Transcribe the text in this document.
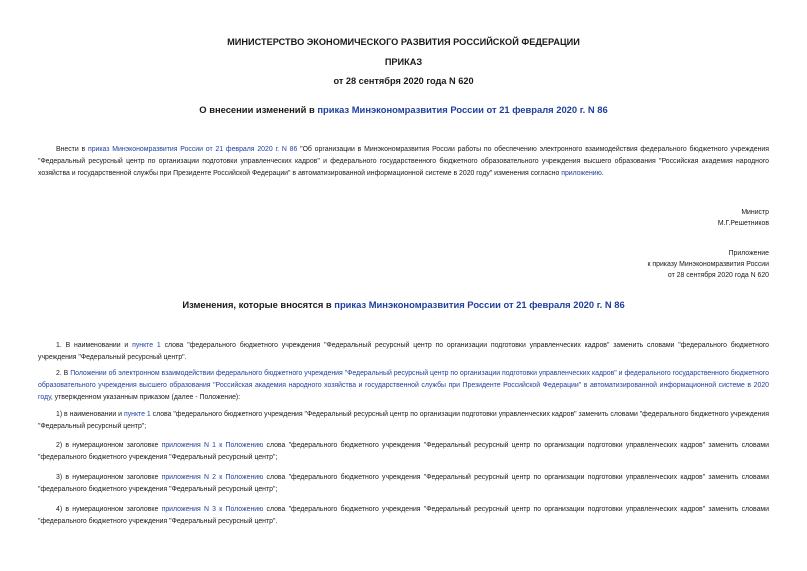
МИНИСТЕРСТВО ЭКОНОМИЧЕСКОГО РАЗВИТИЯ РОССИЙСКОЙ ФЕДЕРАЦИИ
ПРИКАЗ
от 28 сентября 2020 года N 620
О внесении изменений в приказ Минэкономразвития России от 21 февраля 2020 г. N 86

Внести в приказ Минэкономразвития России от 21 февраля 2020 г. N 86 "Об организации в Минэкономразвития России работы по обеспечению электронного взаимодействия федерального бюджетного учреждения "Федеральный ресурсный центр по организации подготовки управленческих кадров" и федерального государственного бюджетного образовательного учреждения высшего образования "Российская академия народного хозяйства и государственной службы при Президенте Российской Федерации" в автоматизированной информационной системе в 2020 году" изменения согласно приложению.

Министр
М.Г.Решетников
Приложение
к приказу Минэкономразвития России
от 28 сентября 2020 года N 620
Изменения, которые вносятся в приказ Минэкономразвития России от 21 февраля 2020 г. N 86

1. В наименовании и пункте 1 слова "федерального бюджетного учреждения "Федеральный ресурсный центр по организации подготовки управленческих кадров" заменить словами "федерального бюджетного учреждения "Федеральный ресурсный центр".

2. В Положении об электронном взаимодействии федерального бюджетного учреждения "Федеральный ресурсный центр по организации подготовки управленческих кадров" и федерального государственного бюджетного образовательного учреждения высшего образования "Российская академия народного хозяйства и государственной службы при Президенте Российской Федерации" в автоматизированной информационной системе в 2020 году, утвержденном указанным приказом (далее - Положение):

1) в наименовании и пункте 1 слова "федерального бюджетного учреждения "Федеральный ресурсный центр по организации подготовки управленческих кадров" заменить словами "федерального бюджетного учреждения "Федеральный ресурсный центр";

2) в нумерационном заголовке приложения N 1 к Положению слова "федерального бюджетного учреждения "Федеральный ресурсный центр по организации подготовки управленческих кадров" заменить словами "федерального бюджетного учреждения "Федеральный ресурсный центр";

3) в нумерационном заголовке приложения N 2 к Положению слова "федерального бюджетного учреждения "Федеральный ресурсный центр по организации подготовки управленческих кадров" заменить словами "федерального бюджетного учреждения "Федеральный ресурсный центр";

4) в нумерационном заголовке приложения N 3 к Положению слова "федерального бюджетного учреждения "Федеральный ресурсный центр по организации подготовки управленческих кадров" заменить словами "федерального бюджетного учреждения "Федеральный ресурсный центр".
